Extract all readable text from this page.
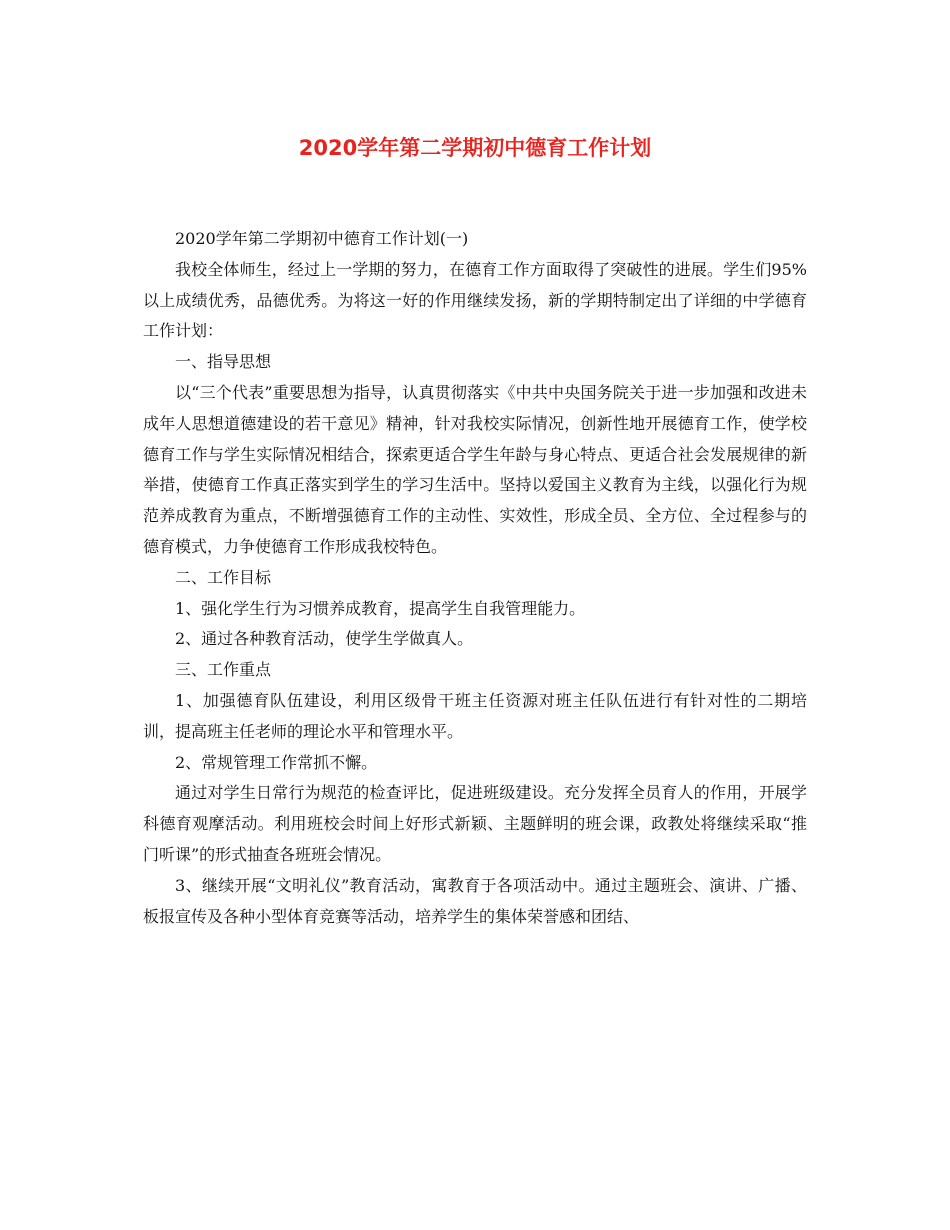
2020学年第二学期初中德育工作计划

2020学年第二学期初中德育工作计划(一)

我校全体师生，经过上一学期的努力，在德育工作方面取得了突破性的进展。学生们95%以上成绩优秀，品德优秀。为将这一好的作用继续发扬，新的学期特制定出了详细的中学德育工作计划：

一、指导思想

以“三个代表”重要思想为指导，认真贯彻落实《中共中央国务院关于进一步加强和改进未成年人思想道德建设的若干意见》精神，针对我校实际情况，创新性地开展德育工作，使学校德育工作与学生实际情况相结合，探索更适合学生年龄与身心特点、更适合社会发展规律的新举措，使德育工作真正落实到学生的学习生活中。坚持以爱国主义教育为主线，以强化行为规范养成教育为重点，不断增强德育工作的主动性、实效性，形成全员、全方位、全过程参与的德育模式，力争使德育工作形成我校特色。

二、工作目标

1、强化学生行为习惯养成教育，提高学生自我管理能力。

2、通过各种教育活动，使学生学做真人。

三、工作重点

1、加强德育队伍建设，利用区级骨干班主任资源对班主任队伍进行有针对性的二期培训，提高班主任老师的理论水平和管理水平。

2、常规管理工作常抓不懈。

通过对学生日常行为规范的检查评比，促进班级建设。充分发挥全员育人的作用，开展学科德育观摩活动。利用班校会时间上好形式新颖、主题鲜明的班会课，政教处将继续采取“推门听课”的形式抽查各班班会情况。

3、继续开展“文明礼仪”教育活动，寓教育于各项活动中。通过主题班会、演讲、广播、板报宣传及各种小型体育竞赛等活动，培养学生的集体荣誉感和团结、
